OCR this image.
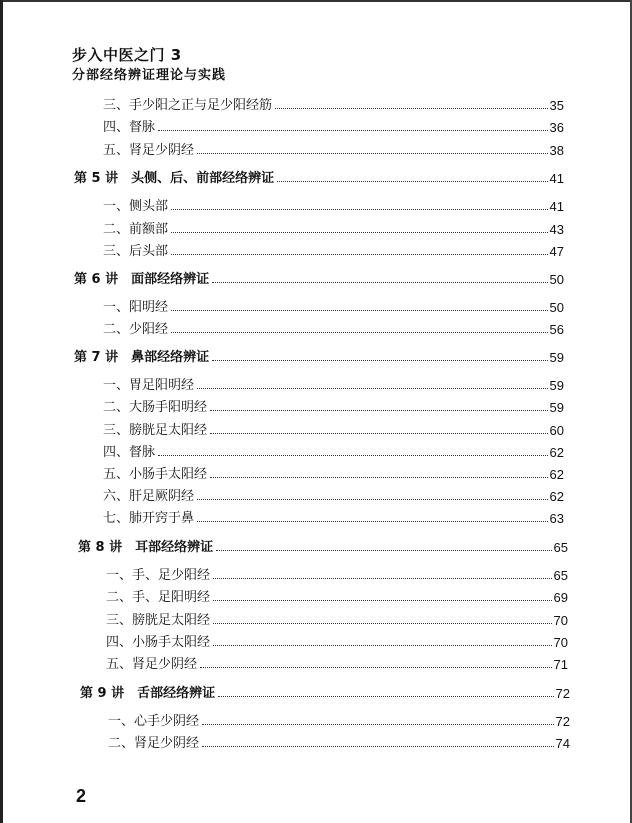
步入中医之门 3
分部经络辨证理论与实践
三、手少阳之正与足少阳经筋	35
四、督脉	36
五、肾足少阴经	38
第 5 讲　头侧、后、前部经络辨证	41
一、侧头部	41
二、前额部	43
三、后头部	47
第 6 讲　面部经络辨证	50
一、阳明经	50
二、少阳经	56
第 7 讲　鼻部经络辨证	59
一、胃足阳明经	59
二、大肠手阳明经	59
三、膀胱足太阳经	60
四、督脉	62
五、小肠手太阳经	62
六、肝足厥阴经	62
七、肺开窍于鼻	63
第 8 讲　耳部经络辨证	65
一、手、足少阳经	65
二、手、足阳明经	69
三、膀胱足太阳经	70
四、小肠手太阳经	70
五、肾足少阴经	71
第 9 讲　舌部经络辨证	72
一、心手少阴经	72
二、肾足少阴经	74
2
